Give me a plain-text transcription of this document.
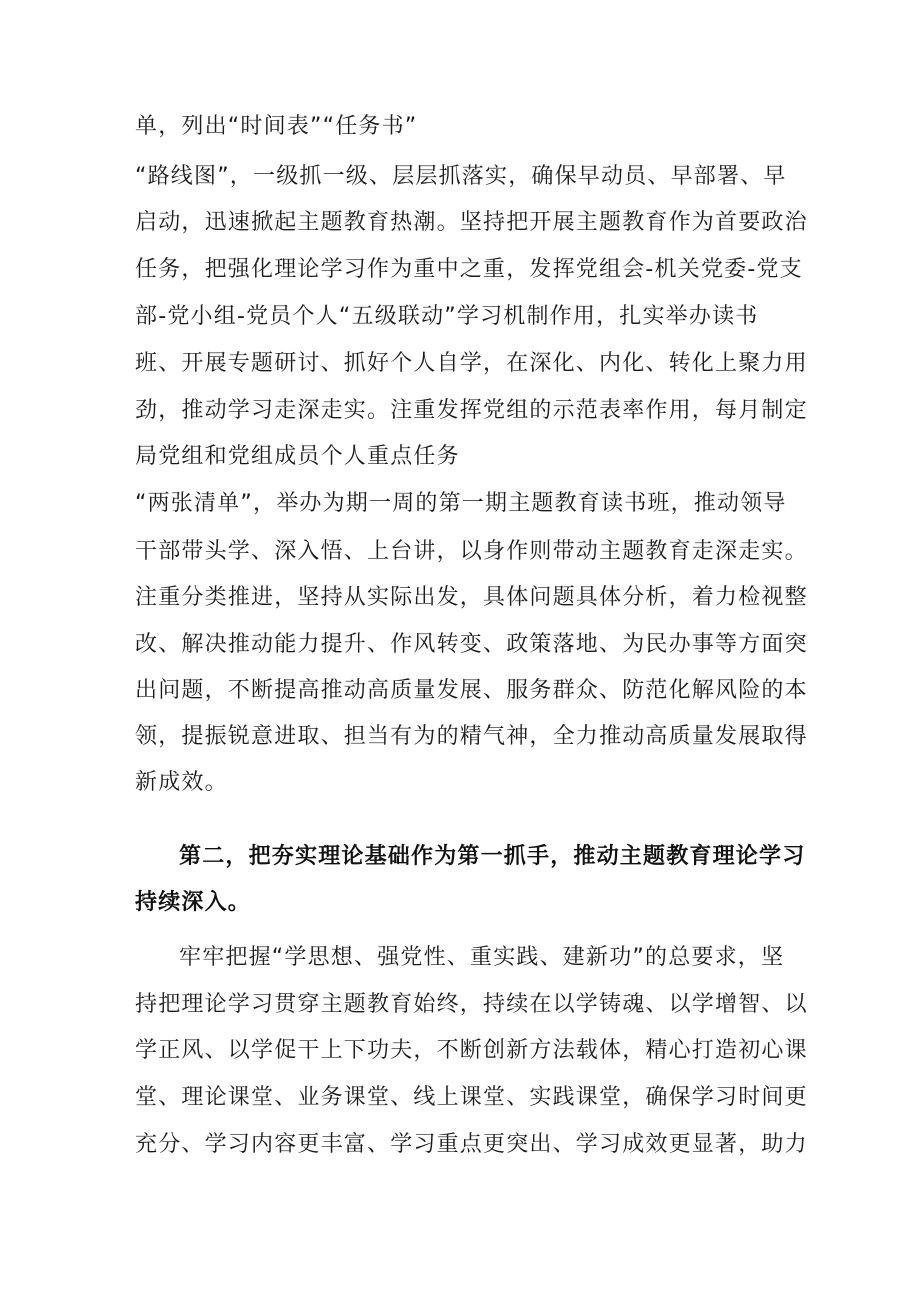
单，列出“时间表”“任务书”
“路线图”，一级抓一级、层层抓落实，确保早动员、早部署、早
启动，迅速掀起主题教育热潮。坚持把开展主题教育作为首要政治
任务，把强化理论学习作为重中之重，发挥党组会-机关党委-党支
部-党小组-党员个人“五级联动”学习机制作用，扎实举办读书
班、开展专题研讨、抓好个人自学，在深化、内化、转化上聚力用
劲，推动学习走深走实。注重发挥党组的示范表率作用，每月制定
局党组和党组成员个人重点任务
“两张清单”，举办为期一周的第一期主题教育读书班，推动领导
干部带头学、深入悟、上台讲，以身作则带动主题教育走深走实。
注重分类推进，坚持从实际出发，具体问题具体分析，着力检视整
改、解决推动能力提升、作风转变、政策落地、为民办事等方面突
出问题，不断提高推动高质量发展、服务群众、防范化解风险的本
领，提振锐意进取、担当有为的精气神，全力推动高质量发展取得
新成效。
第二，把夯实理论基础作为第一抓手，推动主题教育理论学习
持续深入。
牢牢把握“学思想、强党性、重实践、建新功”的总要求，坚
持把理论学习贯穿主题教育始终，持续在以学铸魂、以学增智、以
学正风、以学促干上下功夫，不断创新方法载体，精心打造初心课
堂、理论课堂、业务课堂、线上课堂、实践课堂，确保学习时间更
充分、学习内容更丰富、学习重点更突出、学习成效更显著，助力
